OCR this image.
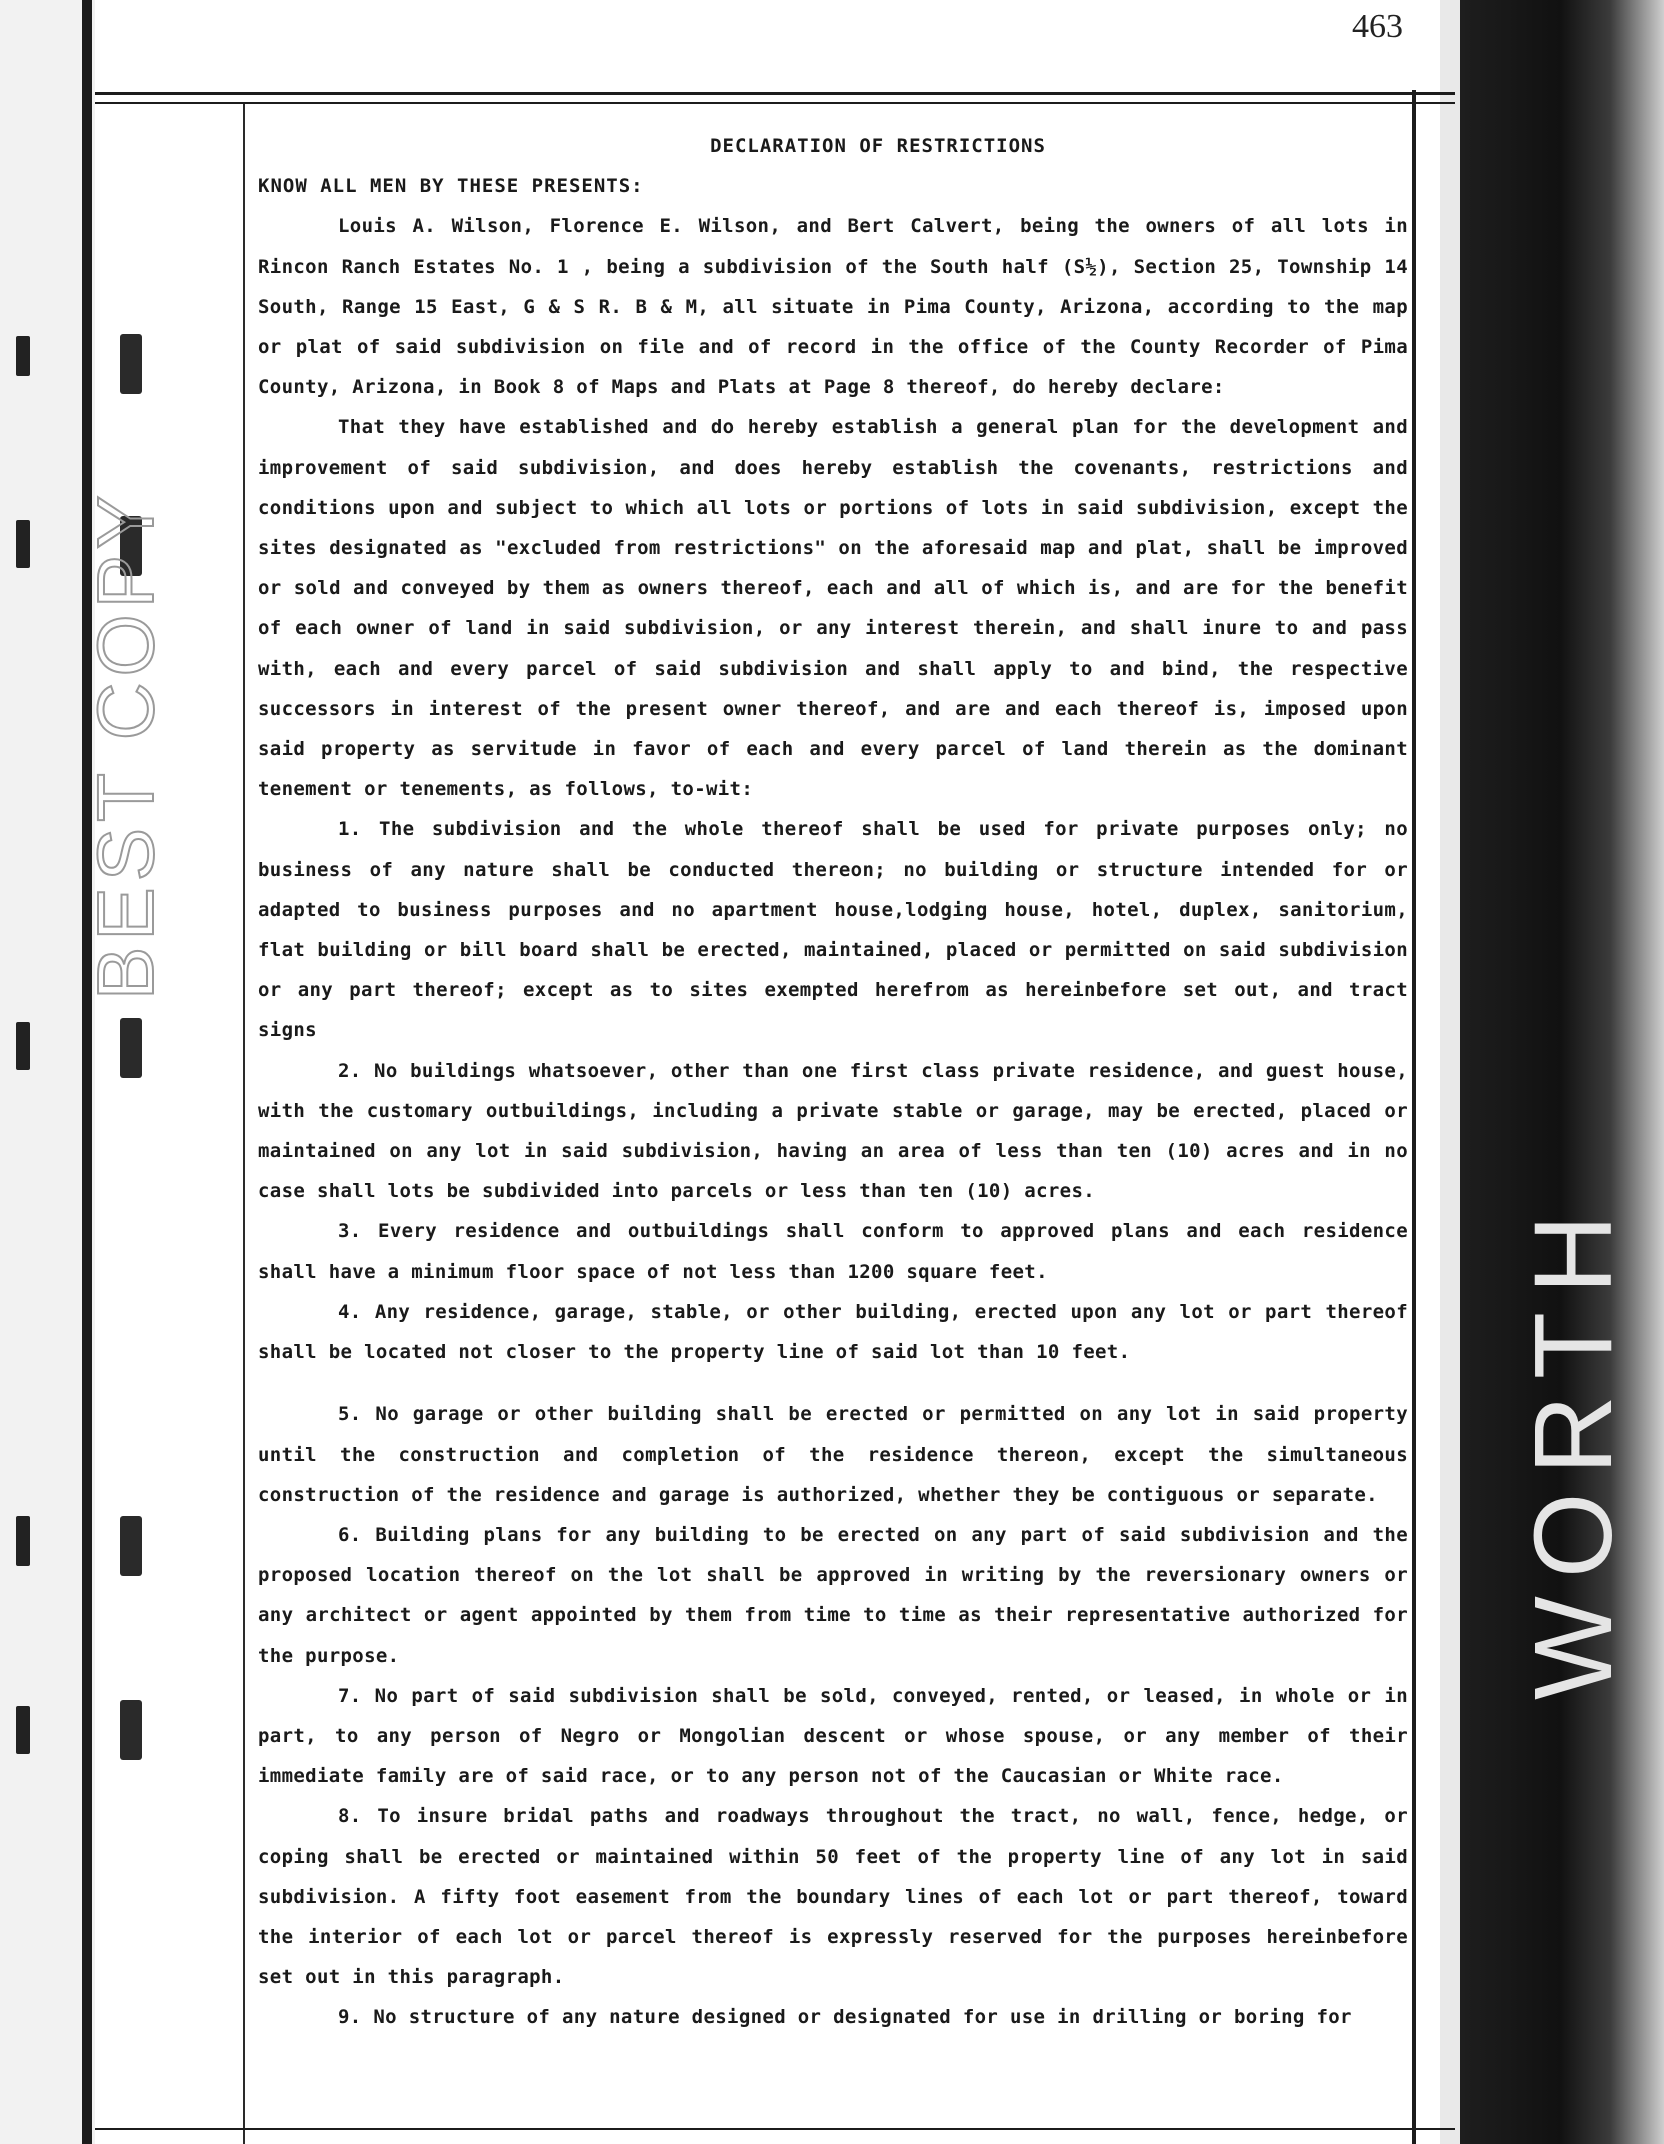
BEST COPY
WORTH
463

DECLARATION OF RESTRICTIONS

KNOW ALL MEN BY THESE PRESENTS:

Louis A. Wilson, Florence E. Wilson, and Bert Calvert, being the owners of all lots in Rincon Ranch Estates No. 1 , being a subdivision of the South half (S½), Section 25, Township 14 South, Range 15 East, G & S R. B & M, all situate in Pima County, Arizona, according to the map or plat of said subdivision on file and of record in the office of the County Recorder of Pima County, Arizona, in Book 8 of Maps and Plats at Page 8 thereof, do hereby declare:

That they have established and do hereby establish a general plan for the development and improvement of said subdivision, and does hereby establish the covenants, restrictions and conditions upon and subject to which all lots or portions of lots in said subdivision, except the sites designated as "excluded from restrictions" on the aforesaid map and plat, shall be improved or sold and conveyed by them as owners thereof, each and all of which is, and are for the benefit of each owner of land in said subdivision, or any interest therein, and shall inure to and pass with, each and every parcel of said subdivision and shall apply to and bind, the respective successors in interest of the present owner thereof, and are and each thereof is, imposed upon said property as servitude in favor of each and every parcel of land therein as the dominant tenement or tenements, as follows, to-wit:

1. The subdivision and the whole thereof shall be used for private purposes only; no business of any nature shall be conducted thereon; no building or structure intended for or adapted to business purposes and no apartment house,lodging house, hotel, duplex, sanitorium, flat building or bill board shall be erected, maintained, placed or permitted on said subdivision or any part thereof; except as to sites exempted herefrom as hereinbefore set out, and tract signs

2. No buildings whatsoever, other than one first class private residence, and guest house, with the customary outbuildings, including a private stable or garage, may be erected, placed or maintained on any lot in said subdivision, having an area of less than ten (10) acres and in no case shall lots be subdivided into parcels or less than ten (10) acres.

3. Every residence and outbuildings shall conform to approved plans and each residence shall have a minimum floor space of not less than 1200 square feet.

4. Any residence, garage, stable, or other building, erected upon any lot or part thereof shall be located not closer to the property line of said lot than 10 feet.

5. No garage or other building shall be erected or permitted on any lot in said property until the construction and completion of the residence thereon, except the simultaneous construction of the residence and garage is authorized, whether they be contiguous or separate.

6. Building plans for any building to be erected on any part of said subdivision and the proposed location thereof on the lot shall be approved in writing by the reversionary owners or any architect or agent appointed by them from time to time as their representative authorized for the purpose.

7. No part of said subdivision shall be sold, conveyed, rented, or leased, in whole or in part, to any person of Negro or Mongolian descent or whose spouse, or any member of their immediate family are of said race, or to any person not of the Caucasian or White race.

8. To insure bridal paths and roadways throughout the tract, no wall, fence, hedge, or coping shall be erected or maintained within 50 feet of the property line of any lot in said subdivision. A fifty foot easement from the boundary lines of each lot or part thereof, toward the interior of each lot or parcel thereof is expressly reserved for the purposes hereinbefore set out in this paragraph.

9. No structure of any nature designed or designated for use in drilling or boring for
